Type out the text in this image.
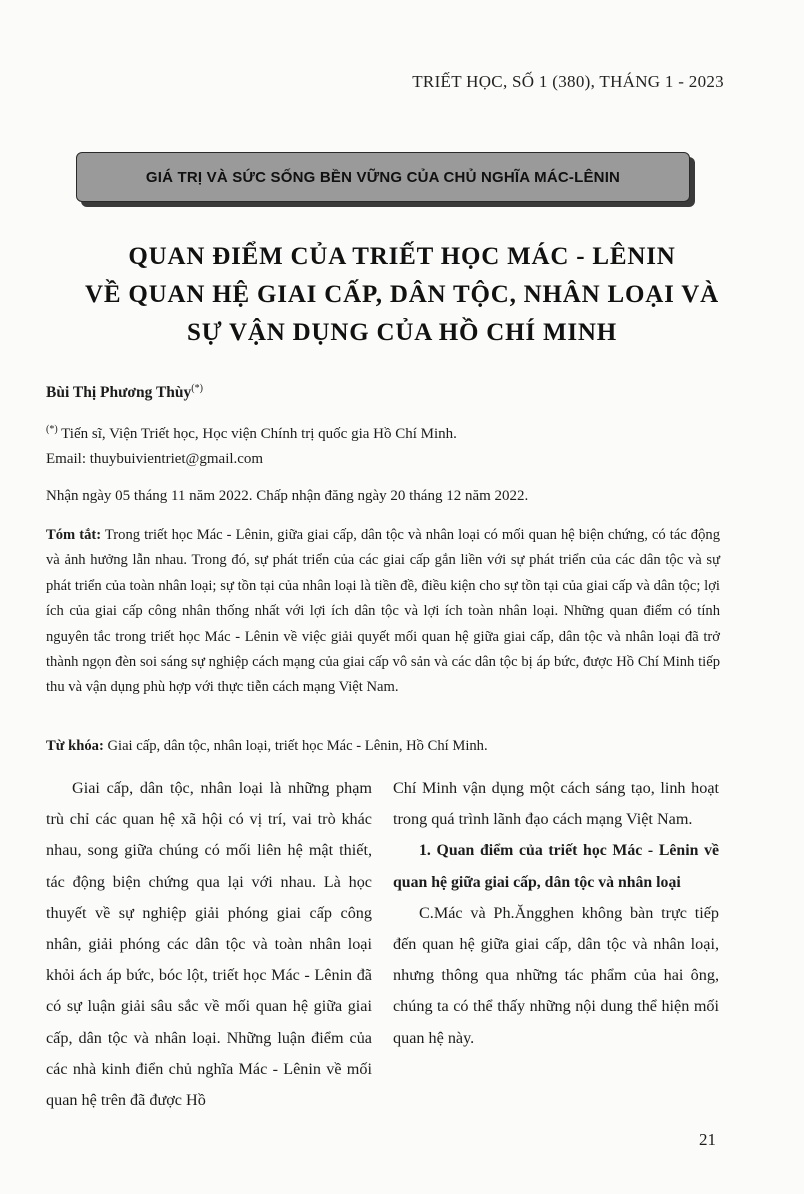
TRIẾT HỌC, SỐ 1 (380), THÁNG 1 - 2023
GIÁ TRỊ VÀ SỨC SỐNG BỀN VỮNG CỦA CHỦ NGHĨA MÁC-LÊNIN
QUAN ĐIỂM CỦA TRIẾT HỌC MÁC - LÊNIN
VỀ QUAN HỆ GIAI CẤP, DÂN TỘC, NHÂN LOẠI VÀ
SỰ VẬN DỤNG CỦA HỒ CHÍ MINH
Bùi Thị Phương Thùy(*)
(*) Tiến sĩ, Viện Triết học, Học viện Chính trị quốc gia Hồ Chí Minh.
Email: thuybuivientriet@gmail.com
Nhận ngày 05 tháng 11 năm 2022. Chấp nhận đăng ngày 20 tháng 12 năm 2022.
Tóm tắt: Trong triết học Mác - Lênin, giữa giai cấp, dân tộc và nhân loại có mối quan hệ biện chứng, có tác động và ảnh hưởng lẫn nhau. Trong đó, sự phát triển của các giai cấp gắn liền với sự phát triển của các dân tộc và sự phát triển của toàn nhân loại; sự tồn tại của nhân loại là tiền đề, điều kiện cho sự tồn tại của giai cấp và dân tộc; lợi ích của giai cấp công nhân thống nhất với lợi ích dân tộc và lợi ích toàn nhân loại. Những quan điểm có tính nguyên tắc trong triết học Mác - Lênin về việc giải quyết mối quan hệ giữa giai cấp, dân tộc và nhân loại đã trở thành ngọn đèn soi sáng sự nghiệp cách mạng của giai cấp vô sản và các dân tộc bị áp bức, được Hồ Chí Minh tiếp thu và vận dụng phù hợp với thực tiễn cách mạng Việt Nam.
Từ khóa: Giai cấp, dân tộc, nhân loại, triết học Mác - Lênin, Hồ Chí Minh.

Giai cấp, dân tộc, nhân loại là những phạm trù chỉ các quan hệ xã hội có vị trí, vai trò khác nhau, song giữa chúng có mối liên hệ mật thiết, tác động biện chứng qua lại với nhau. Là học thuyết về sự nghiệp giải phóng giai cấp công nhân, giải phóng các dân tộc và toàn nhân loại khỏi ách áp bức, bóc lột, triết học Mác - Lênin đã có sự luận giải sâu sắc về mối quan hệ giữa giai cấp, dân tộc và nhân loại. Những luận điểm của các nhà kinh điển chủ nghĩa Mác - Lênin về mối quan hệ trên đã được Hồ

Chí Minh vận dụng một cách sáng tạo, linh hoạt trong quá trình lãnh đạo cách mạng Việt Nam.

1. Quan điểm của triết học Mác - Lênin về quan hệ giữa giai cấp, dân tộc và nhân loại

C.Mác và Ph.Ăngghen không bàn trực tiếp đến quan hệ giữa giai cấp, dân tộc và nhân loại, nhưng thông qua những tác phẩm của hai ông, chúng ta có thể thấy những nội dung thể hiện mối quan hệ này.

21
